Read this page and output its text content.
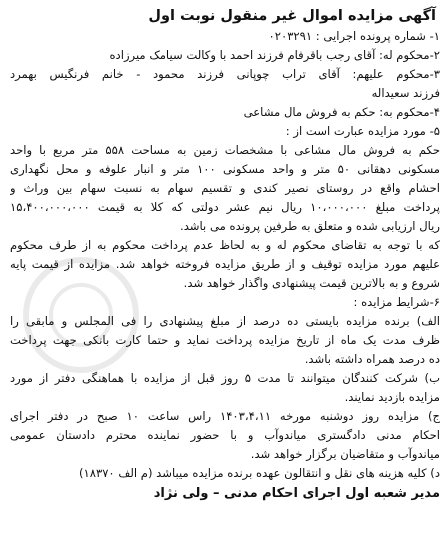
آگهی مزایده اموال غیر منقول نوبت اول
۱- شماره پرونده اجرایی : ۰۲۰۳۲۹۱
۲-محکوم له: آقای رجب باقرفام فرزند احمد با وکالت سیامک میرزاده
۳-محکوم علیهم: آقای تراب چوپانی فرزند محمود - خانم فرنگیس بهمرد
فرزند سعیداله
۴-محکوم به: حکم به فروش مال مشاعی
۵- مورد مزایده عبارت است از :
حکم به فروش مال مشاعی با مشخصات زمین به مساحت ۵۵۸ متر مربع با واحد
مسکونی دهقانی ۵۰ متر و واحد مسکونی ۱۰۰ متر و انبار علوفه و محل نگهداری
احشام واقع در روستای نصیر کندی و تقسیم سهام به نسبت سهام بین وراث و
پرداخت مبلغ ۱۰،۰۰۰،۰۰۰ ریال نیم عشر دولتی که کلا به قیمت ۱۵،۴۰۰،۰۰۰،۰۰۰
ریال ارزیابی شده و متعلق به طرفین پرونده می باشد.
که با توجه به تقاضای محکوم له و به لحاظ عدم پرداخت محکوم به از طرف محکوم
علیهم مورد مزایده توقیف و از طریق مزایده فروخته خواهد شد. مزایده از قیمت پایه
شروع و به بالاترین قیمت پیشنهادی واگذار خواهد شد.
۶-شرایط مزایده :
الف) برنده مزایده بایستی ده درصد از مبلغ پیشنهادی را فی المجلس و مابقی را
ظرف مدت یک ماه از تاریخ مزایده پرداخت نماید و حتما کارت بانکی جهت پرداخت
ده درصد همراه داشته باشد.
ب) شرکت کنندگان میتوانند تا مدت ۵ روز قبل از مزایده با هماهنگی دفتر از مورد
مزایده بازدید نمایند.
ج) مزایده روز دوشنبه مورخه ۱۴۰۳،۴،۱۱ راس ساعت ۱۰ صبح در دفتر اجرای
احکام مدنی دادگستری میاندوآب و با حضور نماینده محترم دادستان عمومی
میاندوآب و متقاضیان برگزار خواهد شد.
د) کلیه هزینه های نقل و انتقالون عهده برنده مزایده میباشد (م الف ۱۸۳۷۰)
مدیر شعبه اول اجرای احکام مدنی – ولی نژاد
